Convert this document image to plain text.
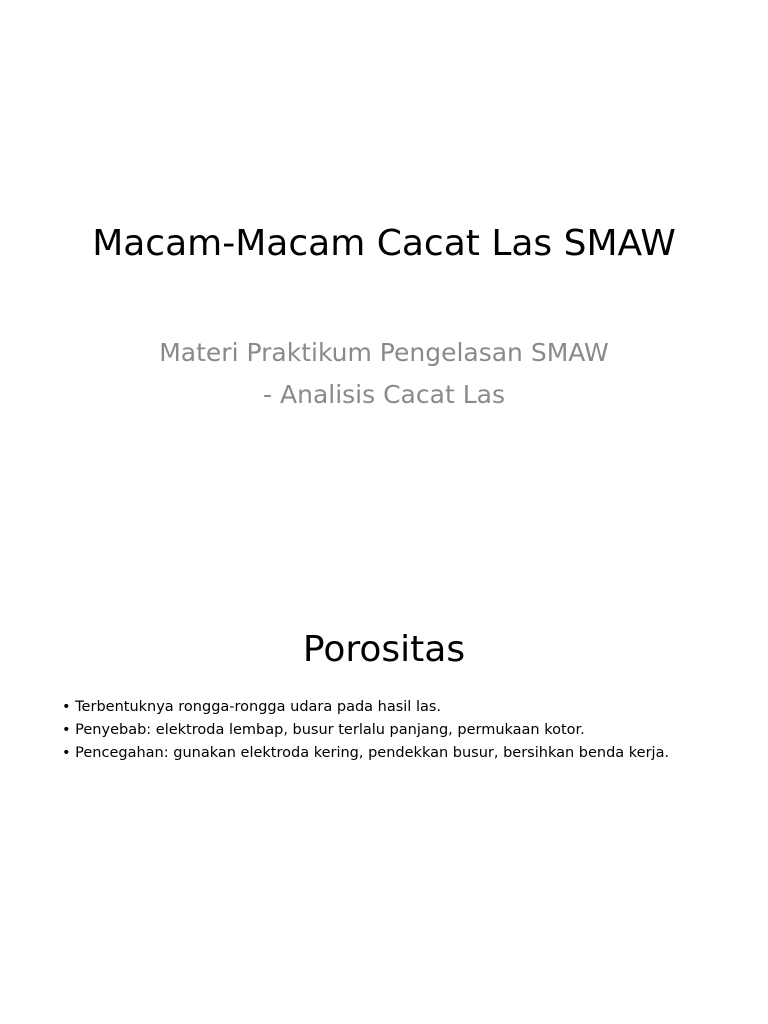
Macam-Macam Cacat Las SMAW
Materi Praktikum Pengelasan SMAW
- Analisis Cacat Las
Porositas
• Terbentuknya rongga-rongga udara pada hasil las.
• Penyebab: elektroda lembap, busur terlalu panjang, permukaan kotor.
• Pencegahan: gunakan elektroda kering, pendekkan busur, bersihkan benda kerja.
